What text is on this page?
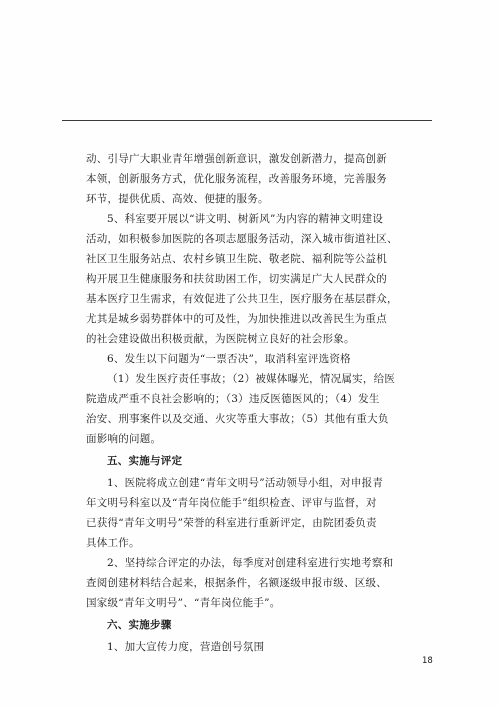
动、引导广大职业青年增强创新意识，激发创新潜力，提高创新
本领，创新服务方式，优化服务流程，改善服务环境，完善服务
环节，提供优质、高效、便捷的服务。
5、科室要开展以“讲文明、树新风”为内容的精神文明建设
活动，如积极参加医院的各项志愿服务活动，深入城市街道社区、
社区卫生服务站点、农村乡镇卫生院、敬老院、福利院等公益机
构开展卫生健康服务和扶贫助困工作，切实满足广大人民群众的
基本医疗卫生需求，有效促进了公共卫生，医疗服务在基层群众，
尤其是城乡弱势群体中的可及性，为加快推进以改善民生为重点
的社会建设做出积极贡献，为医院树立良好的社会形象。
6、发生以下问题为“一票否决”，取消科室评选资格
（1）发生医疗责任事故；（2）被媒体曝光，情况属实，给医
院造成严重不良社会影响的；（3）违反医德医风的；（4）发生
治安、刑事案件以及交通、火灾等重大事故；（5）其他有重大负
面影响的问题。
五、实施与评定
1、医院将成立创建“青年文明号”活动领导小组，对申报青
年文明号科室以及“青年岗位能手”组织检查、评审与监督，对
已获得“青年文明号”荣誉的科室进行重新评定，由院团委负责
具体工作。
2、坚持综合评定的办法，每季度对创建科室进行实地考察和
查阅创建材料结合起来，根据条件，名额逐级申报市级、区级、
国家级“青年文明号”、“青年岗位能手”。
六、实施步骤
1、加大宣传力度，营造创号氛围
18
